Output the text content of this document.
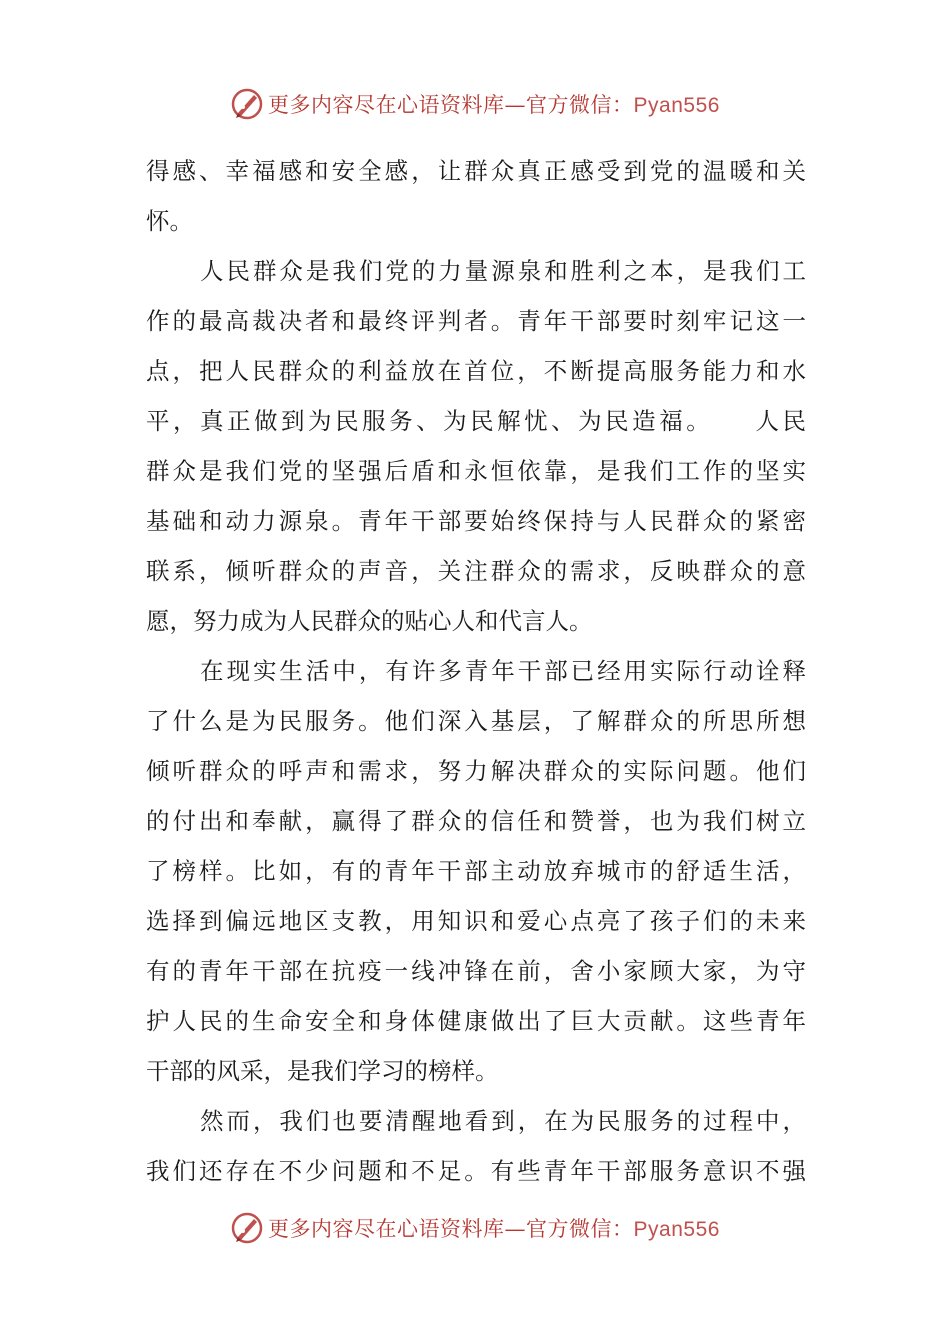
更多内容尽在心语资料库—官方微信：Pyan556
得感、幸福感和安全感，让群众真正感受到党的温暖和关
怀。
人民群众是我们党的力量源泉和胜利之本，是我们工
作的最高裁决者和最终评判者。青年干部要时刻牢记这一
点，把人民群众的利益放在首位，不断提高服务能力和水
平，真正做到为民服务、为民解忧、为民造福。　　人民
群众是我们党的坚强后盾和永恒依靠，是我们工作的坚实
基础和动力源泉。青年干部要始终保持与人民群众的紧密
联系，倾听群众的声音，关注群众的需求，反映群众的意
愿，努力成为人民群众的贴心人和代言人。
在现实生活中，有许多青年干部已经用实际行动诠释
了什么是为民服务。他们深入基层，了解群众的所思所想
倾听群众的呼声和需求，努力解决群众的实际问题。他们
的付出和奉献，赢得了群众的信任和赞誉，也为我们树立
了榜样。比如，有的青年干部主动放弃城市的舒适生活，
选择到偏远地区支教，用知识和爱心点亮了孩子们的未来
有的青年干部在抗疫一线冲锋在前，舍小家顾大家，为守
护人民的生命安全和身体健康做出了巨大贡献。这些青年
干部的风采，是我们学习的榜样。
然而，我们也要清醒地看到，在为民服务的过程中，
我们还存在不少问题和不足。有些青年干部服务意识不强
更多内容尽在心语资料库—官方微信：Pyan556
